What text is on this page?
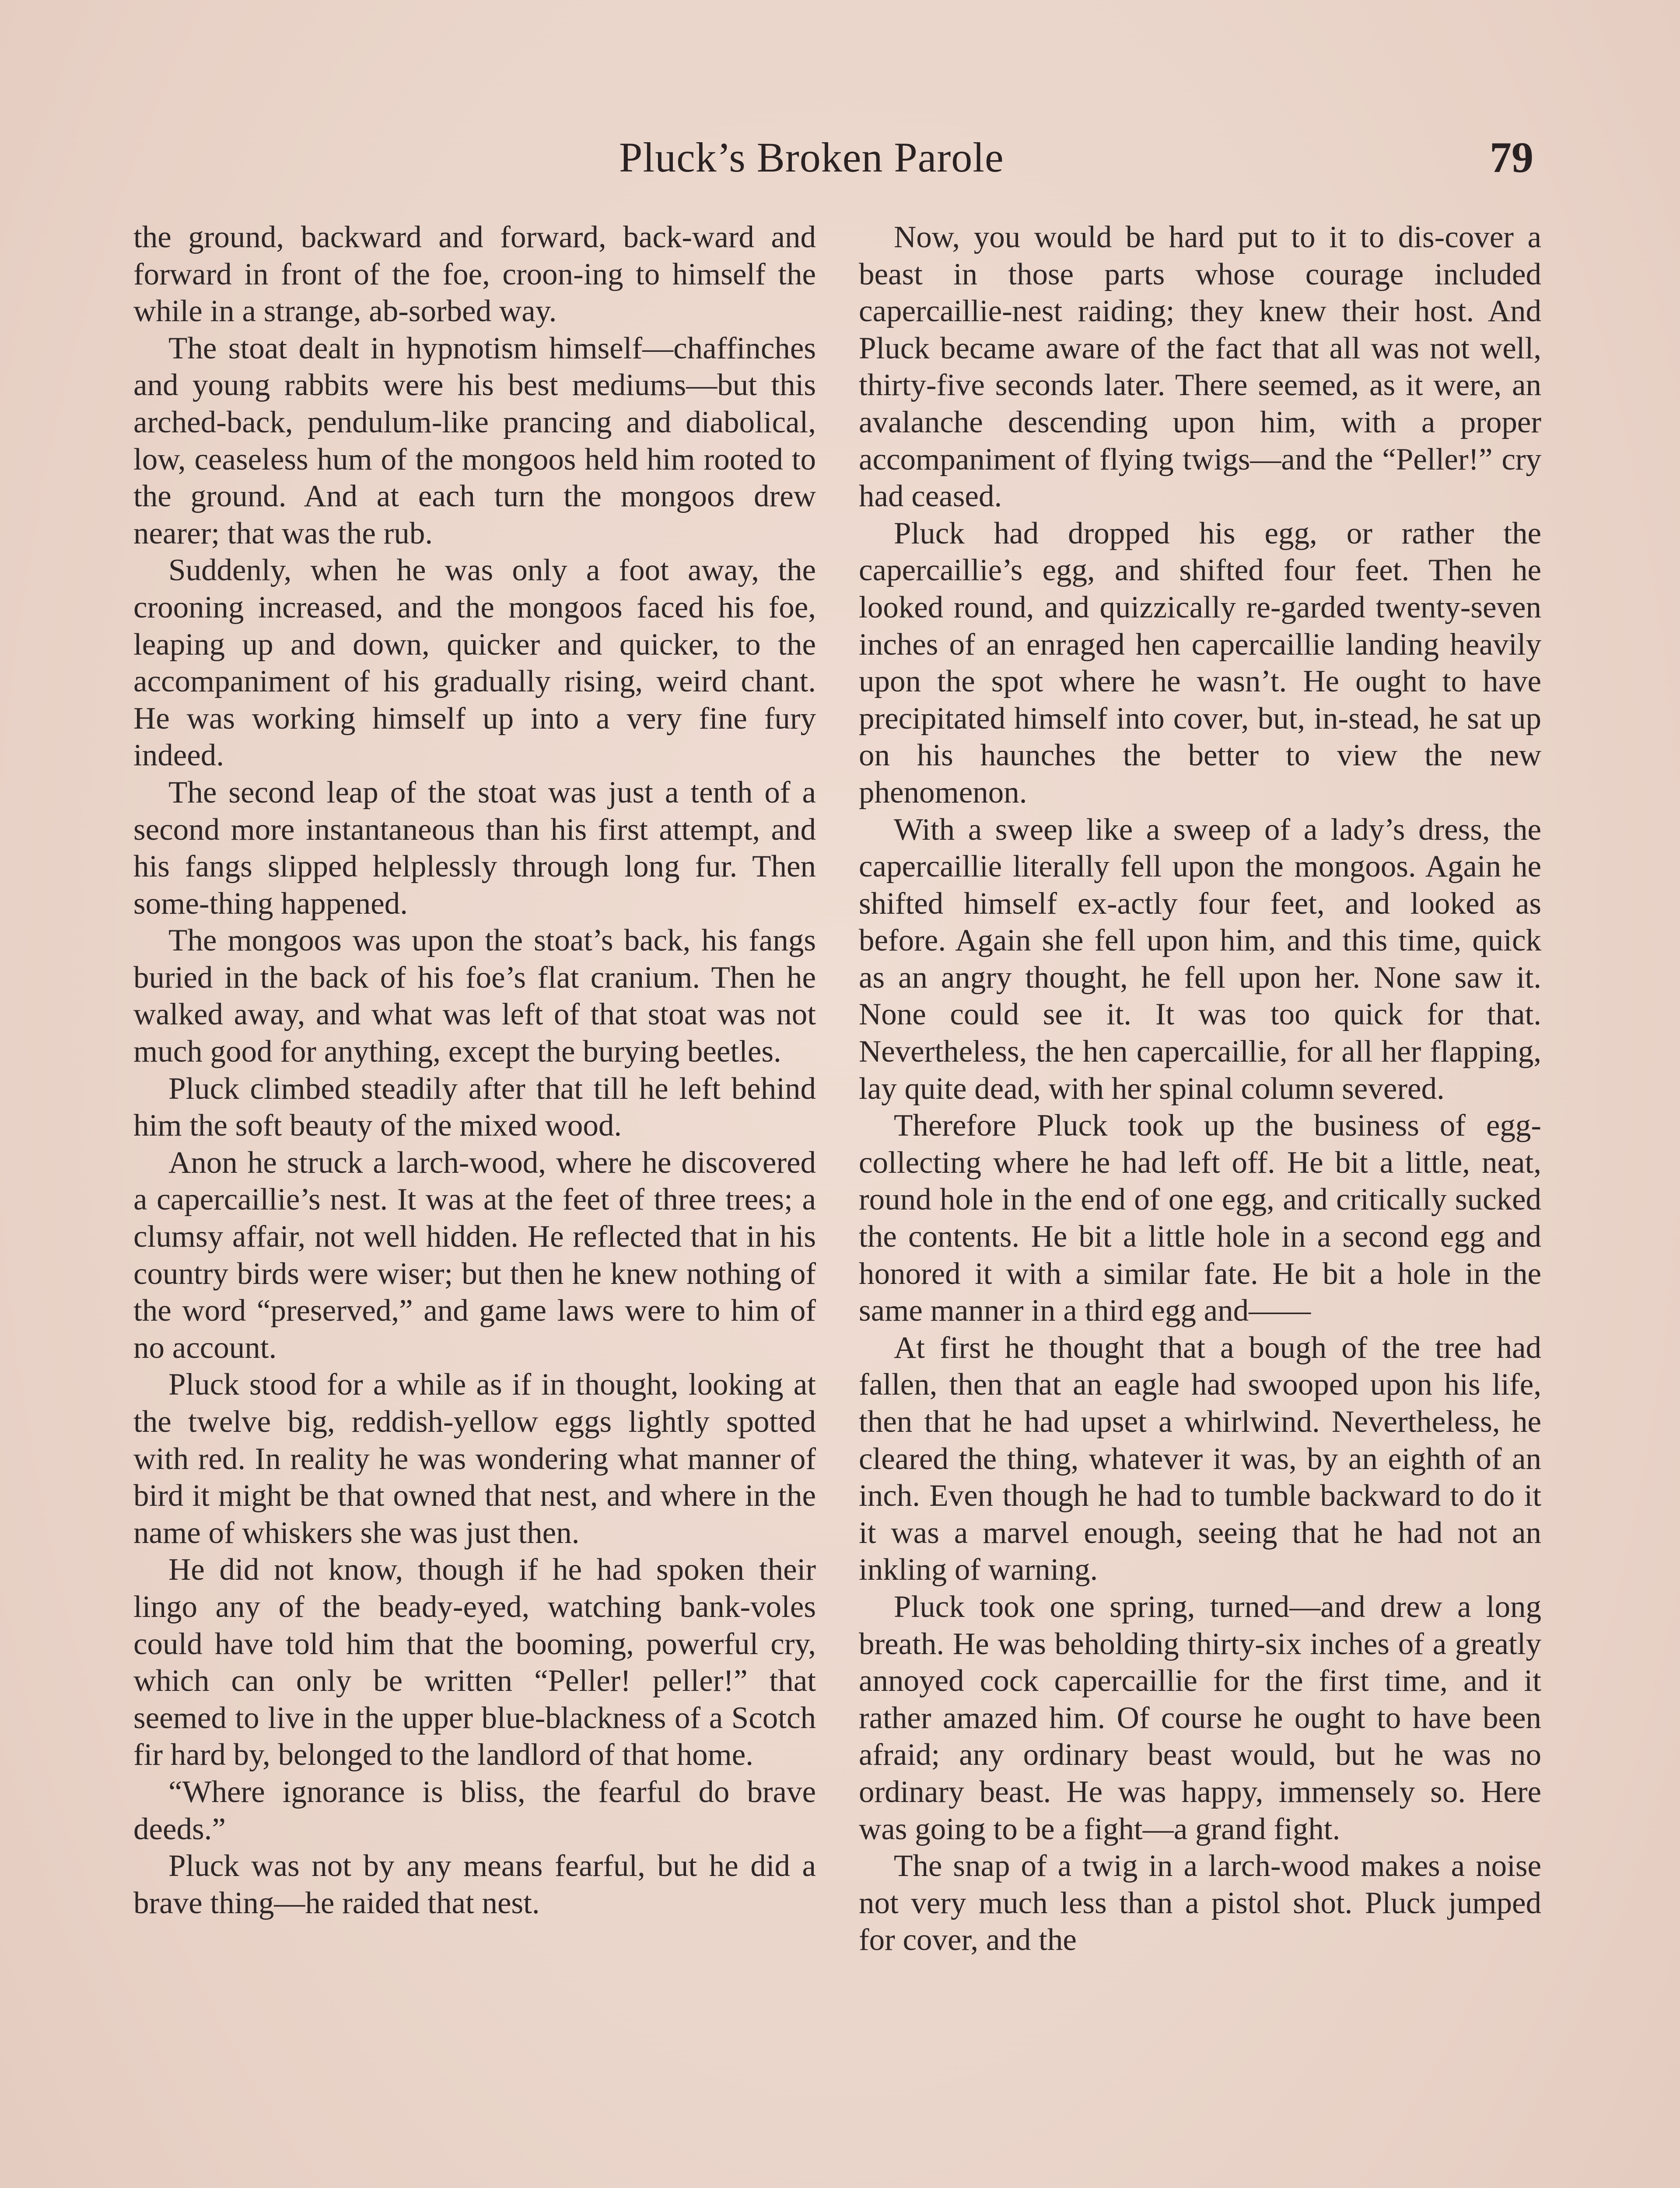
Pluck’s Broken Parole	79

the ground, backward and forward, back-ward and forward in front of the foe, croon-ing to himself the while in a strange, ab-sorbed way.

The stoat dealt in hypnotism himself—chaffinches and young rabbits were his best mediums—but this arched-back, pendulum-like prancing and diabolical, low, ceaseless hum of the mongoos held him rooted to the ground. And at each turn the mongoos drew nearer; that was the rub.

Suddenly, when he was only a foot away, the crooning increased, and the mongoos faced his foe, leaping up and down, quicker and quicker, to the accompaniment of his gradually rising, weird chant. He was working himself up into a very fine fury indeed.

The second leap of the stoat was just a tenth of a second more instantaneous than his first attempt, and his fangs slipped helplessly through long fur. Then some-thing happened.

The mongoos was upon the stoat’s back, his fangs buried in the back of his foe’s flat cranium. Then he walked away, and what was left of that stoat was not much good for anything, except the burying beetles.

Pluck climbed steadily after that till he left behind him the soft beauty of the mixed wood.

Anon he struck a larch-wood, where he discovered a capercaillie’s nest. It was at the feet of three trees; a clumsy affair, not well hidden. He reflected that in his country birds were wiser; but then he knew nothing of the word “preserved,” and game laws were to him of no account.

Pluck stood for a while as if in thought, looking at the twelve big, reddish-yellow eggs lightly spotted with red. In reality he was wondering what manner of bird it might be that owned that nest, and where in the name of whiskers she was just then.

He did not know, though if he had spoken their lingo any of the beady-eyed, watching bank-voles could have told him that the booming, powerful cry, which can only be written “Peller! peller!” that seemed to live in the upper blue-blackness of a Scotch fir hard by, belonged to the landlord of that home.

“Where ignorance is bliss, the fearful do brave deeds.”

Pluck was not by any means fearful, but he did a brave thing—he raided that nest.

Now, you would be hard put to it to dis-cover a beast in those parts whose courage included capercaillie-nest raiding; they knew their host. And Pluck became aware of the fact that all was not well, thirty-five seconds later. There seemed, as it were, an avalanche descending upon him, with a proper accompaniment of flying twigs—and the “Peller!” cry had ceased.

Pluck had dropped his egg, or rather the capercaillie’s egg, and shifted four feet. Then he looked round, and quizzically re-garded twenty-seven inches of an enraged hen capercaillie landing heavily upon the spot where he wasn’t. He ought to have precipitated himself into cover, but, in-stead, he sat up on his haunches the better to view the new phenomenon.

With a sweep like a sweep of a lady’s dress, the capercaillie literally fell upon the mongoos. Again he shifted himself ex-actly four feet, and looked as before. Again she fell upon him, and this time, quick as an angry thought, he fell upon her. None saw it. None could see it. It was too quick for that. Nevertheless, the hen capercaillie, for all her flapping, lay quite dead, with her spinal column severed.

Therefore Pluck took up the business of egg-collecting where he had left off. He bit a little, neat, round hole in the end of one egg, and critically sucked the contents. He bit a little hole in a second egg and honored it with a similar fate. He bit a hole in the same manner in a third egg and——

At first he thought that a bough of the tree had fallen, then that an eagle had swooped upon his life, then that he had upset a whirlwind. Nevertheless, he cleared the thing, whatever it was, by an eighth of an inch. Even though he had to tumble backward to do it it was a marvel enough, seeing that he had not an inkling of warning.

Pluck took one spring, turned—and drew a long breath. He was beholding thirty-six inches of a greatly annoyed cock capercaillie for the first time, and it rather amazed him. Of course he ought to have been afraid; any ordinary beast would, but he was no ordinary beast. He was happy, immensely so. Here was going to be a fight—a grand fight.

The snap of a twig in a larch-wood makes a noise not very much less than a pistol shot. Pluck jumped for cover, and the
